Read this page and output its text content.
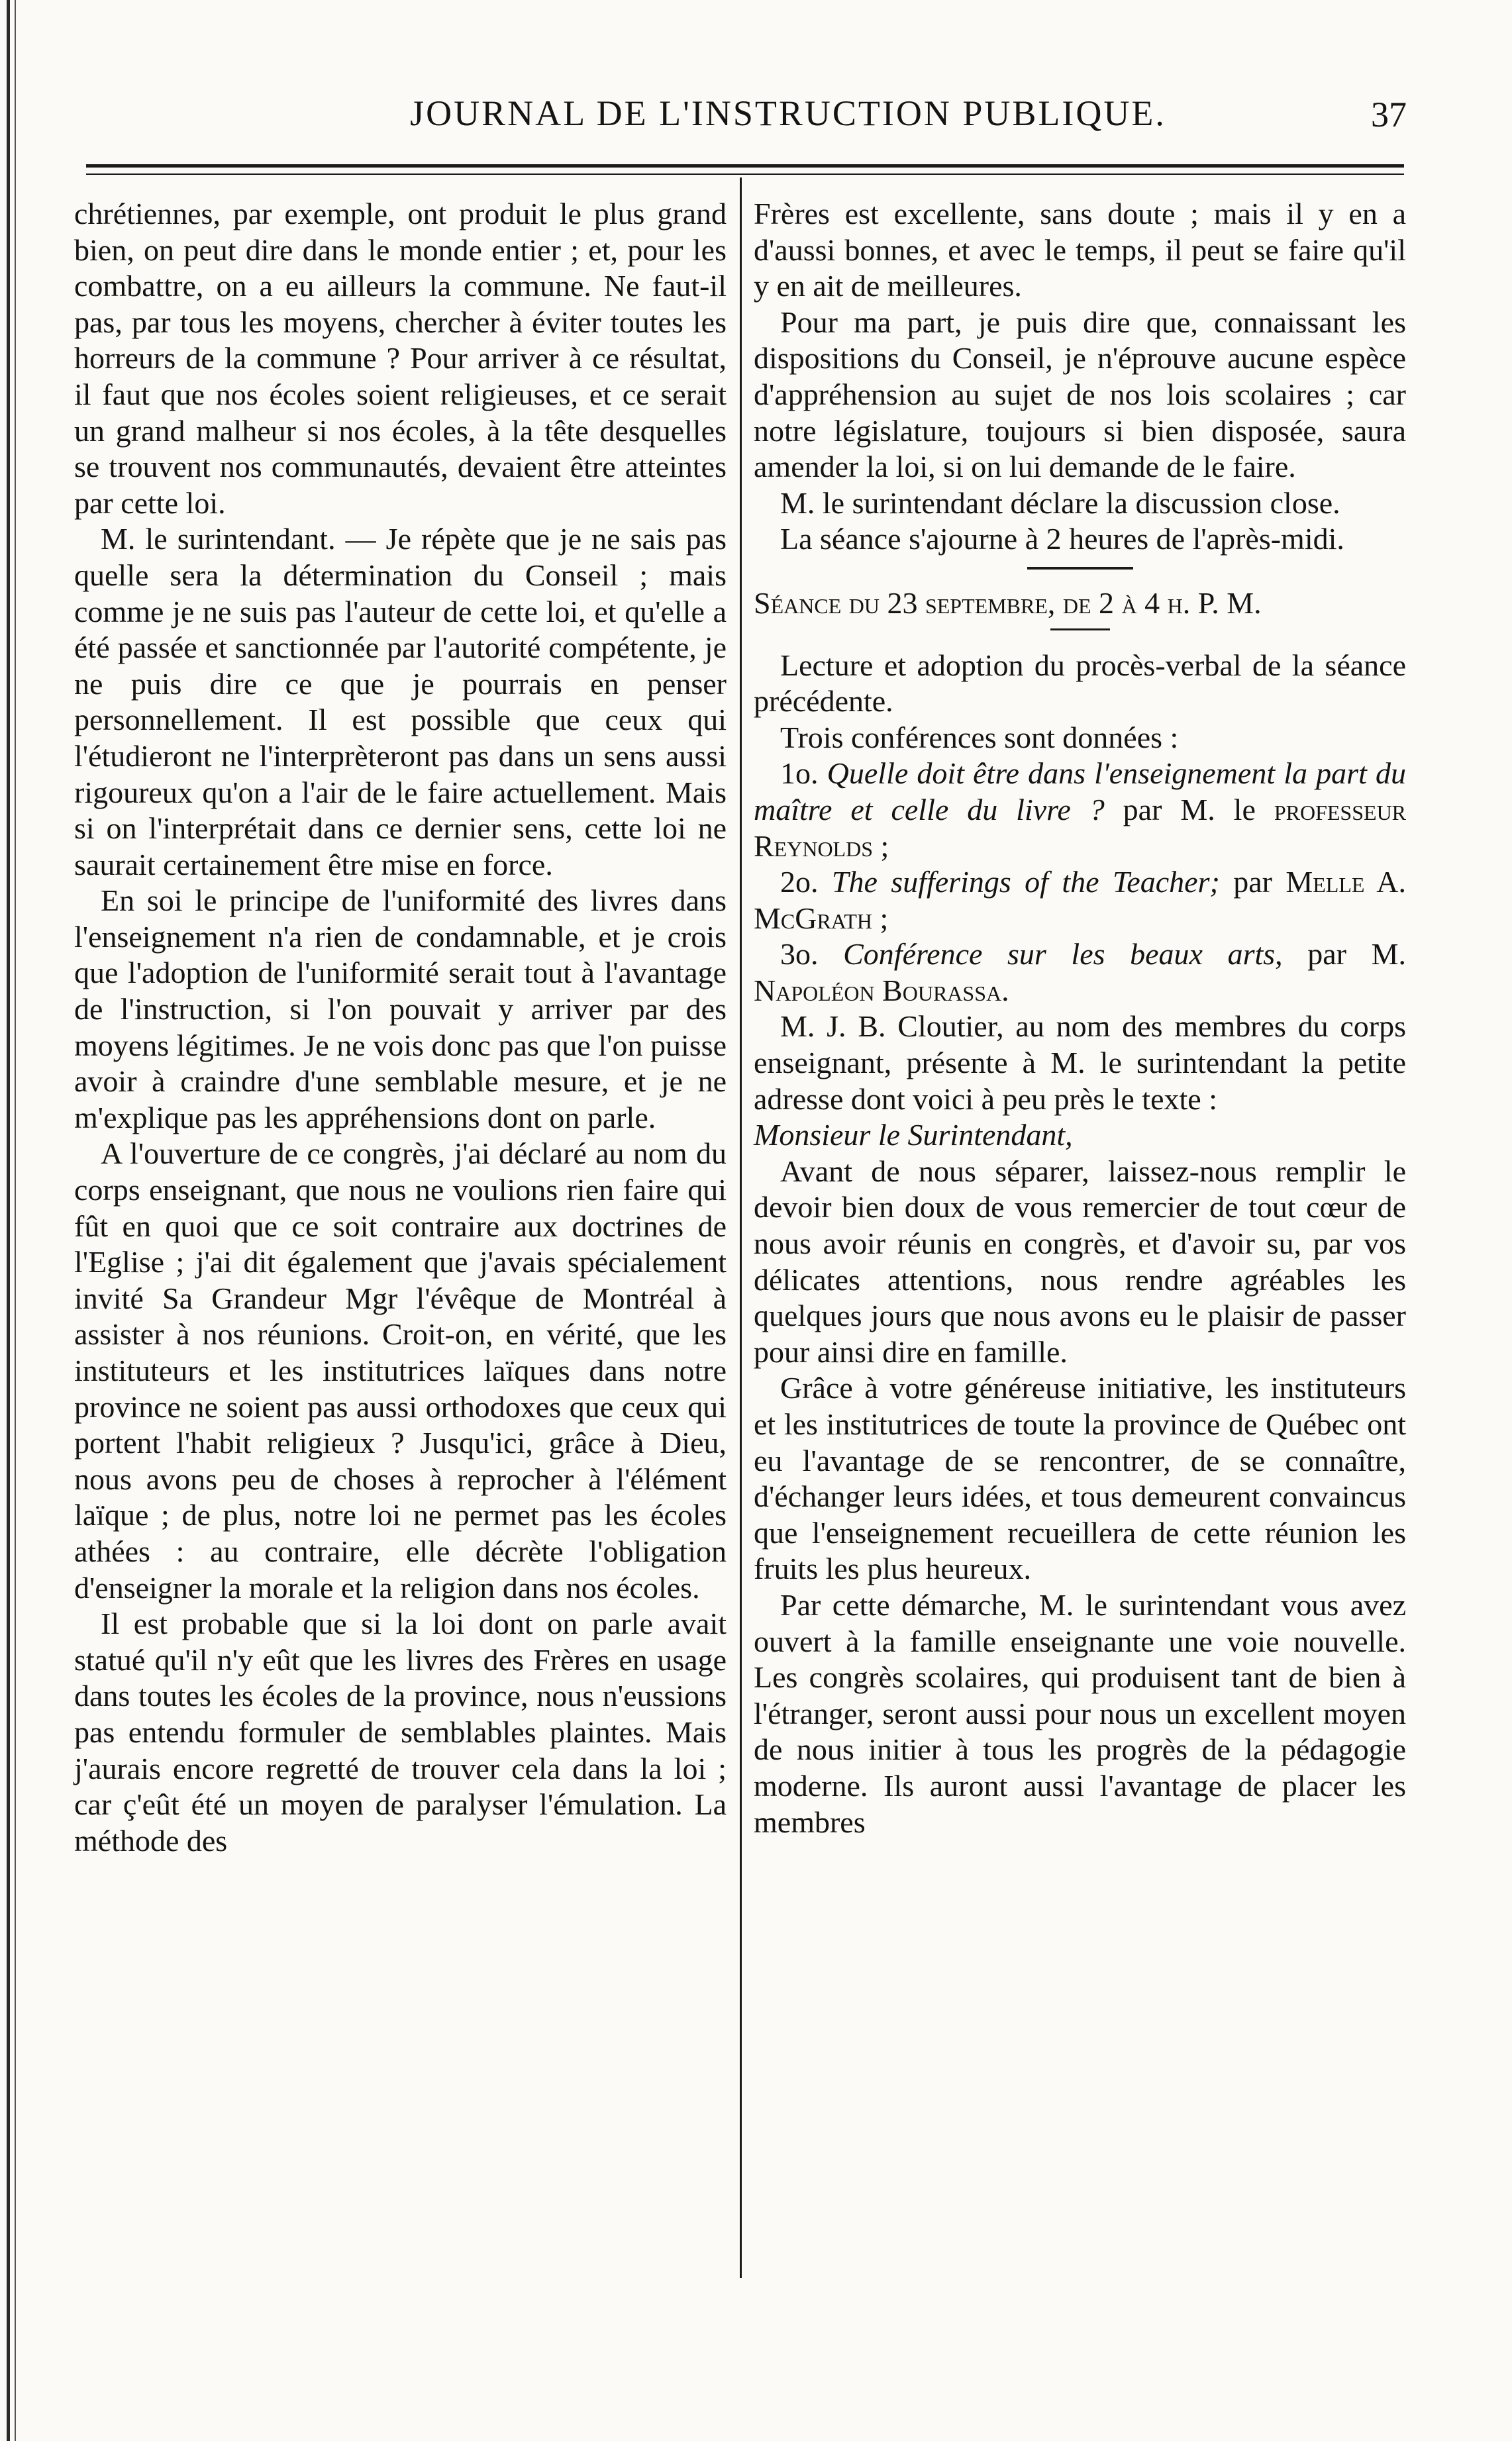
JOURNAL DE L'INSTRUCTION PUBLIQUE.	37

chrétiennes, par exemple, ont produit le plus grand bien, on peut dire dans le monde entier ; et, pour les combattre, on a eu ailleurs la commune. Ne faut-il pas, par tous les moyens, chercher à éviter toutes les horreurs de la commune ? Pour arriver à ce résultat, il faut que nos écoles soient religieuses, et ce serait un grand malheur si nos écoles, à la tête desquelles se trouvent nos communautés, devaient être atteintes par cette loi.

M. le surintendant. — Je répète que je ne sais pas quelle sera la détermination du Conseil ; mais comme je ne suis pas l'auteur de cette loi, et qu'elle a été passée et sanctionnée par l'autorité compétente, je ne puis dire ce que je pourrais en penser personnellement. Il est possible que ceux qui l'étudieront ne l'interprèteront pas dans un sens aussi rigoureux qu'on a l'air de le faire actuellement. Mais si on l'interprétait dans ce dernier sens, cette loi ne saurait certainement être mise en force.

En soi le principe de l'uniformité des livres dans l'enseignement n'a rien de condamnable, et je crois que l'adoption de l'uniformité serait tout à l'avantage de l'instruction, si l'on pouvait y arriver par des moyens légitimes. Je ne vois donc pas que l'on puisse avoir à craindre d'une semblable mesure, et je ne m'explique pas les appréhensions dont on parle.

A l'ouverture de ce congrès, j'ai déclaré au nom du corps enseignant, que nous ne voulions rien faire qui fût en quoi que ce soit contraire aux doctrines de l'Eglise ; j'ai dit également que j'avais spécialement invité Sa Grandeur Mgr l'évêque de Montréal à assister à nos réunions. Croit-on, en vérité, que les instituteurs et les institutrices laïques dans notre province ne soient pas aussi orthodoxes que ceux qui portent l'habit religieux ? Jusqu'ici, grâce à Dieu, nous avons peu de choses à reprocher à l'élément laïque ; de plus, notre loi ne permet pas les écoles athées : au contraire, elle décrète l'obligation d'enseigner la morale et la religion dans nos écoles.

Il est probable que si la loi dont on parle avait statué qu'il n'y eût que les livres des Frères en usage dans toutes les écoles de la province, nous n'eussions pas entendu formuler de semblables plaintes. Mais j'aurais encore regretté de trouver cela dans la loi ; car ç'eût été un moyen de paralyser l'émulation. La méthode des

Frères est excellente, sans doute ; mais il y en a d'aussi bonnes, et avec le temps, il peut se faire qu'il y en ait de meilleures.

Pour ma part, je puis dire que, connaissant les dispositions du Conseil, je n'éprouve aucune espèce d'appréhension au sujet de nos lois scolaires ; car notre législature, toujours si bien disposée, saura amender la loi, si on lui demande de le faire.

M. le surintendant déclare la discussion close.

La séance s'ajourne à 2 heures de l'après-midi.

Séance du 23 septembre, de 2 à 4 h. P. M.

Lecture et adoption du procès-verbal de la séance précédente.

Trois conférences sont données :

1o. Quelle doit être dans l'enseignement la part du maître et celle du livre ? par M. le professeur Reynolds ;

2o. The sufferings of the Teacher; par Melle A. McGrath ;

3o. Conférence sur les beaux arts, par M. Napoléon Bourassa.

M. J. B. Cloutier, au nom des membres du corps enseignant, présente à M. le surintendant la petite adresse dont voici à peu près le texte :

Monsieur le Surintendant,

Avant de nous séparer, laissez-nous remplir le devoir bien doux de vous remercier de tout cœur de nous avoir réunis en congrès, et d'avoir su, par vos délicates attentions, nous rendre agréables les quelques jours que nous avons eu le plaisir de passer pour ainsi dire en famille.

Grâce à votre généreuse initiative, les instituteurs et les institutrices de toute la province de Québec ont eu l'avantage de se rencontrer, de se connaître, d'échanger leurs idées, et tous demeurent convaincus que l'enseignement recueillera de cette réunion les fruits les plus heureux.

Par cette démarche, M. le surintendant vous avez ouvert à la famille enseignante une voie nouvelle. Les congrès scolaires, qui produisent tant de bien à l'étranger, seront aussi pour nous un excellent moyen de nous initier à tous les progrès de la pédagogie moderne. Ils auront aussi l'avantage de placer les membres
